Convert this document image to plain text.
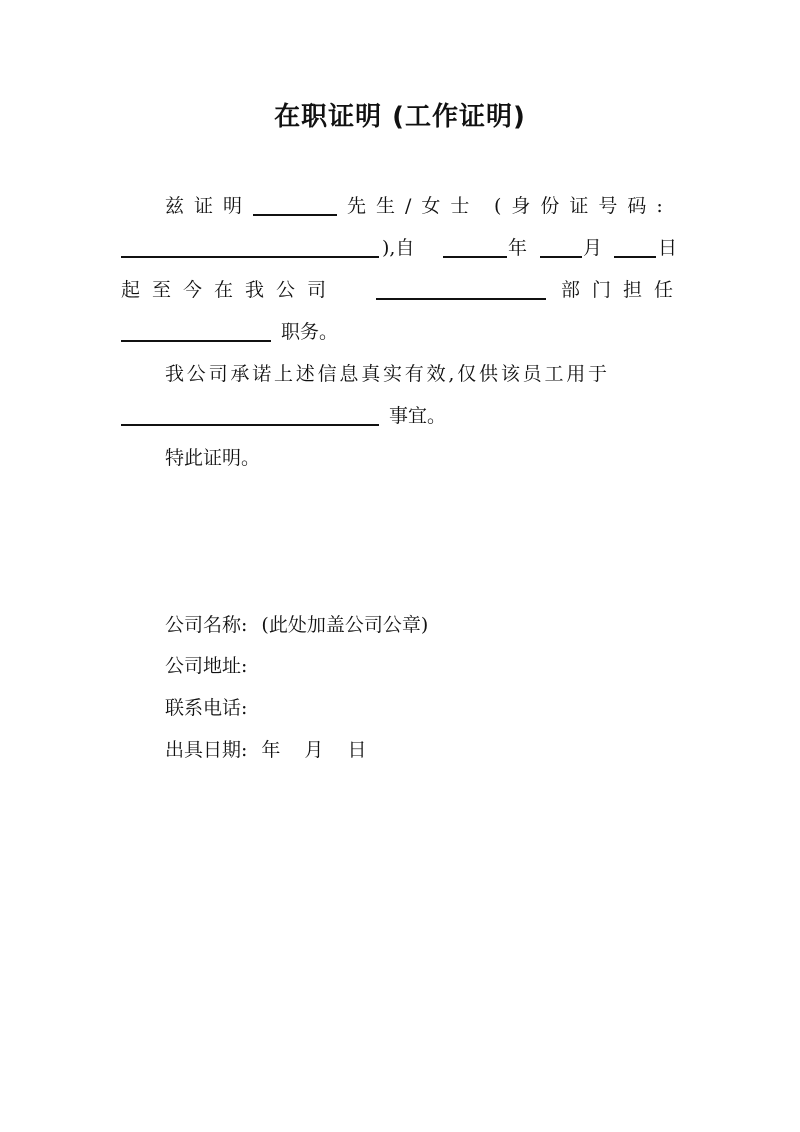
在职证明 (工作证明)
兹证明	先生/女士 (身份证号码:
),自	年	月	日
起至今在我公司	部门担任
职务。
我公司承诺上述信息真实有效,仅供该员工用于
事宜。
特此证明。
公司名称: (此处加盖公司公章)
公司地址:
联系电话:
出具日期: 年 月 日
